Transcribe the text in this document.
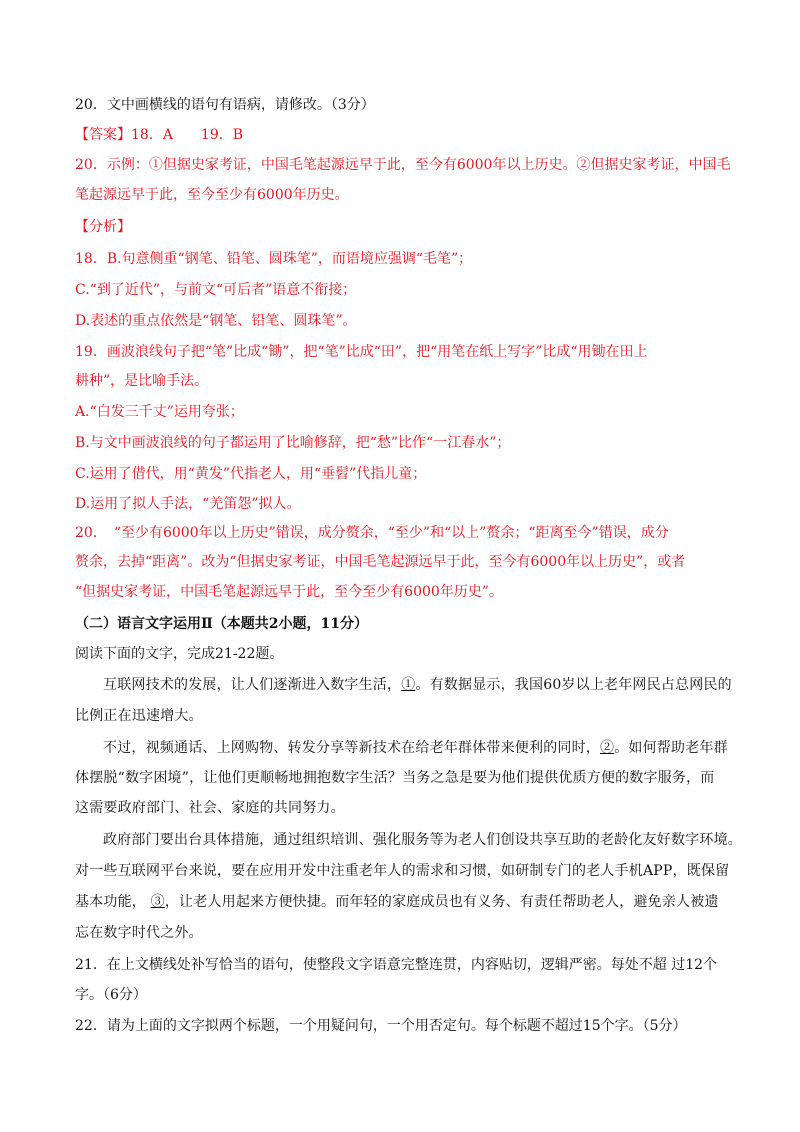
20．文中画横线的语句有语病，请修改。（3分）
【答案】18．A　　19．B
20．示例：①但据史家考证，中国毛笔起源远早于此，至今有6000年以上历史。②但据史家考证，中国毛
笔起源远早于此，至今至少有6000年历史。
【分析】
18．B.句意侧重“钢笔、铅笔、圆珠笔”，而语境应强调“毛笔”；
C.“到了近代”，与前文“可后者”语意不衔接；
D.表述的重点依然是“钢笔、铅笔、圆珠笔”。
19．画波浪线句子把“笔”比成“锄”，把“笔”比成“田”，把“用笔在纸上写字”比成“用锄在田上
耕种”，是比喻手法。
A.“白发三千丈”运用夸张；
B.与文中画波浪线的句子都运用了比喻修辞，把“愁”比作“一江春水”；
C.运用了借代，用“黄发”代指老人，用“垂髫”代指儿童；
D.运用了拟人手法，“羌笛怨”拟人。
20．　“至少有6000年以上历史”错误，成分赘余，“至少”和“以上”赘余；“距离至今”错误，成分
赘余，去掉“距离”。改为“但据史家考证，中国毛笔起源远早于此，至今有6000年以上历史”，或者
“但据史家考证，中国毛笔起源远早于此，至今至少有6000年历史”。
（二）语言文字运用Ⅱ（本题共2小题，11分）
阅读下面的文字，完成21-22题。
互联网技术的发展，让人们逐渐进入数字生活，①。有数据显示，我国60岁以上老年网民占总网民的
比例正在迅速增大。
不过，视频通话、上网购物、转发分享等新技术在给老年群体带来便利的同时，②。如何帮助老年群
体摆脱“数字困境”，让他们更顺畅地拥抱数字生活？当务之急是要为他们提供优质方便的数字服务，而
这需要政府部门、社会、家庭的共同努力。
政府部门要出台具体措施，通过组织培训、强化服务等为老人们创设共享互助的老龄化友好数字环境。
对一些互联网平台来说，要在应用开发中注重老年人的需求和习惯，如研制专门的老人手机APP，既保留
基本功能， ③，让老人用起来方便快捷。而年轻的家庭成员也有义务、有责任帮助老人，避免亲人被遗
忘在数字时代之外。
21．在上文横线处补写恰当的语句，使整段文字语意完整连贯，内容贴切，逻辑严密。每处不超 过12个
字。（6分）
22．请为上面的文字拟两个标题，一个用疑问句，一个用否定句。每个标题不超过15个字。（5分）
